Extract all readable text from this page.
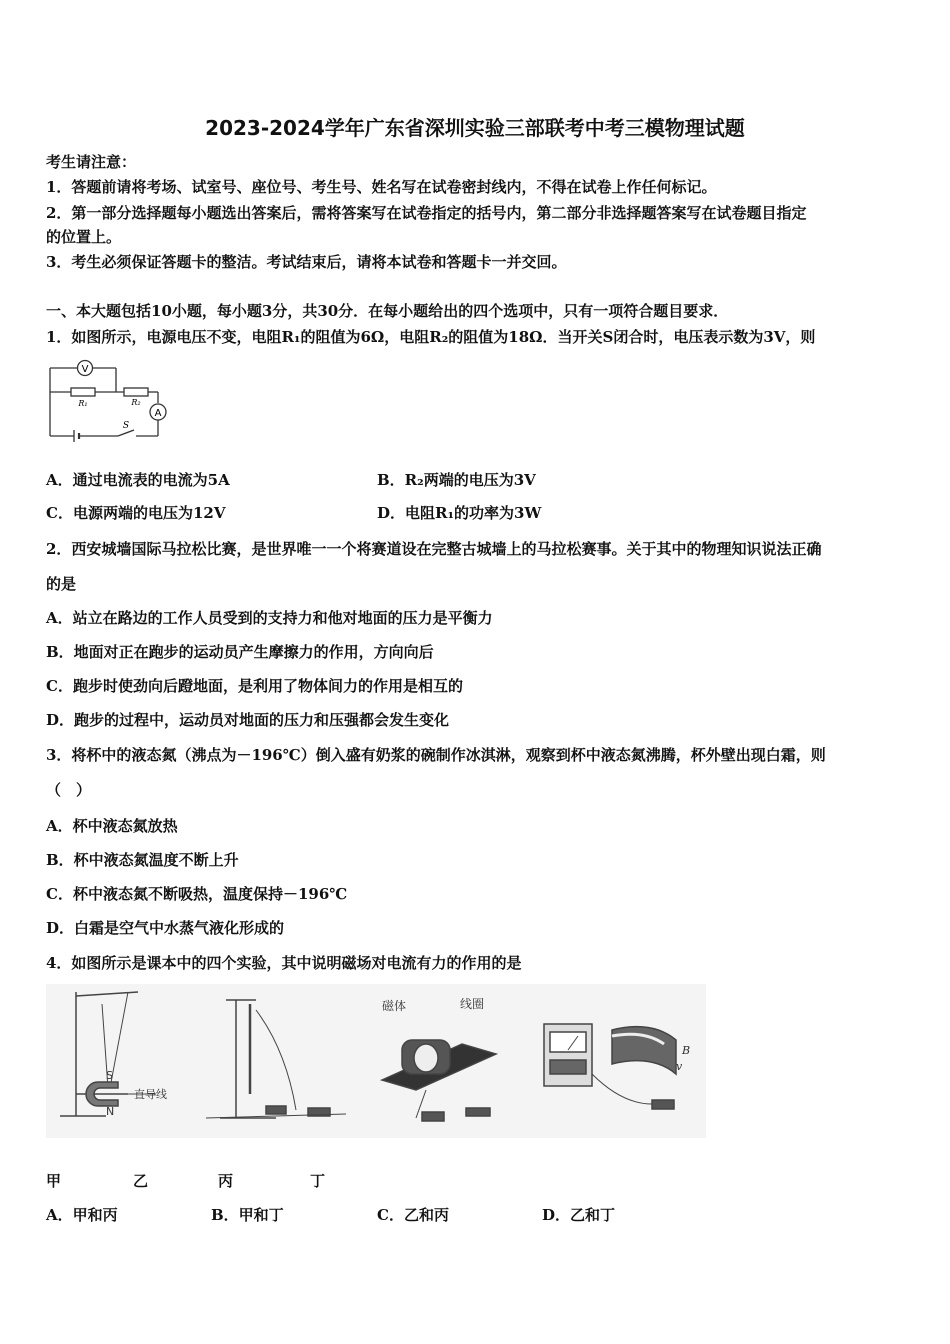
2023-2024学年广东省深圳实验三部联考中考三模物理试题
考生请注意：
1．答题前请将考场、试室号、座位号、考生号、姓名写在试卷密封线内，不得在试卷上作任何标记。
2．第一部分选择题每小题选出答案后，需将答案写在试卷指定的括号内，第二部分非选择题答案写在试卷题目指定
的位置上。
3．考生必须保证答题卡的整洁。考试结束后，请将本试卷和答题卡一并交回。
一、本大题包括10小题，每小题3分，共30分．在每小题给出的四个选项中，只有一项符合题目要求．
1．如图所示，电源电压不变，电阻R₁的阻值为6Ω，电阻R₂的阻值为18Ω．当开关S闭合时，电压表示数为3V，则
V
A
R₁	R₂
S
A．通过电流表的电流为5A	B．R₂两端的电压为3V
C．电源两端的电压为12V	D．电阻R₁的功率为3W
2．西安城墙国际马拉松比赛，是世界唯一一个将赛道设在完整古城墙上的马拉松赛事。关于其中的物理知识说法正确
的是
A．站立在路边的工作人员受到的支持力和他对地面的压力是平衡力
B．地面对正在跑步的运动员产生摩擦力的作用，方向向后
C．跑步时使劲向后蹬地面，是利用了物体间力的作用是相互的
D．跑步的过程中，运动员对地面的压力和压强都会发生变化
3．将杯中的液态氮（沸点为－196℃）倒入盛有奶浆的碗制作冰淇淋，观察到杯中液态氮沸腾，杯外壁出现白霜，则
（　）
A．杯中液态氮放热
B．杯中液态氮温度不断上升
C．杯中液态氮不断吸热，温度保持－196℃
D．白霜是空气中水蒸气液化形成的
4．如图所示是课本中的四个实验，其中说明磁场对电流有力的作用的是
S
N
直导线
磁体	线圈
B
v
甲	乙	丙	丁
A．甲和丙	B．甲和丁	C．乙和丙	D．乙和丁
